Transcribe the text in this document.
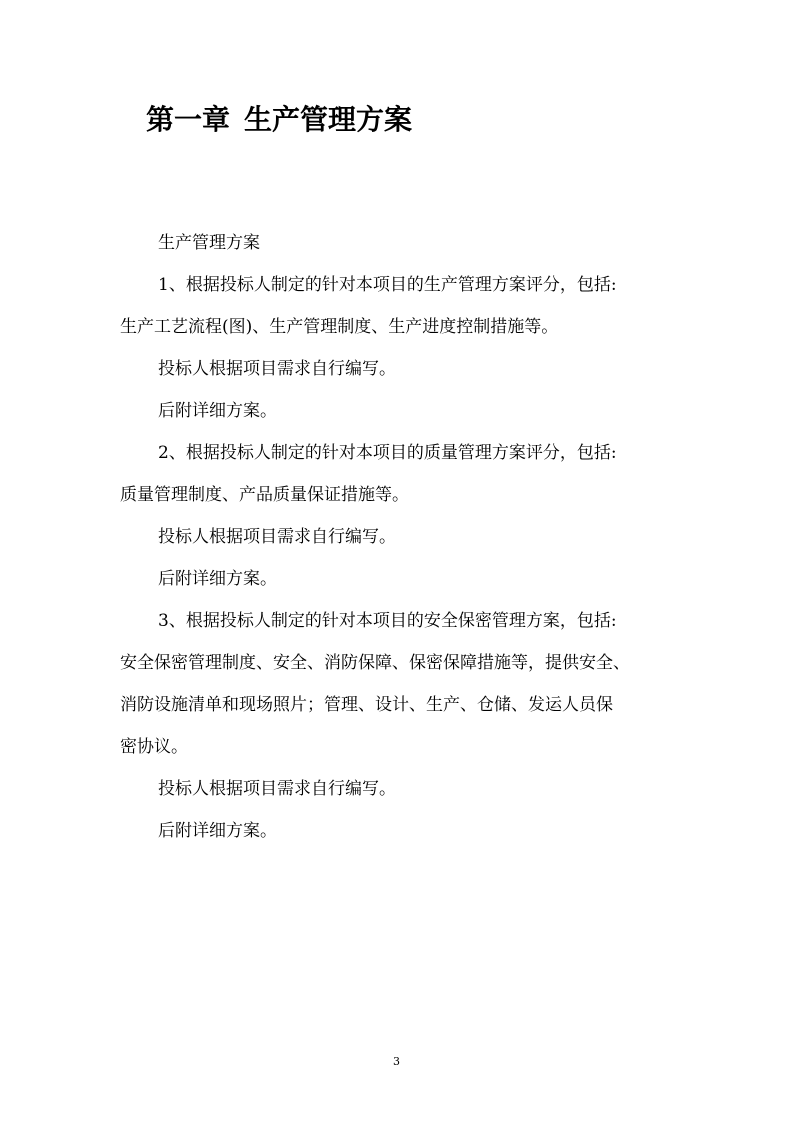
第一章 生产管理方案

生产管理方案

1、根据投标人制定的针对本项目的生产管理方案评分，包括:
生产工艺流程(图)、生产管理制度、生产进度控制措施等。

投标人根据项目需求自行编写。

后附详细方案。

2、根据投标人制定的针对本项目的质量管理方案评分，包括:
质量管理制度、产品质量保证措施等。

投标人根据项目需求自行编写。

后附详细方案。

3、根据投标人制定的针对本项目的安全保密管理方案，包括:
安全保密管理制度、安全、消防保障、保密保障措施等，提供安全、
消防设施清单和现场照片；管理、设计、生产、仓储、发运人员保
密协议。

投标人根据项目需求自行编写。

后附详细方案。

3
